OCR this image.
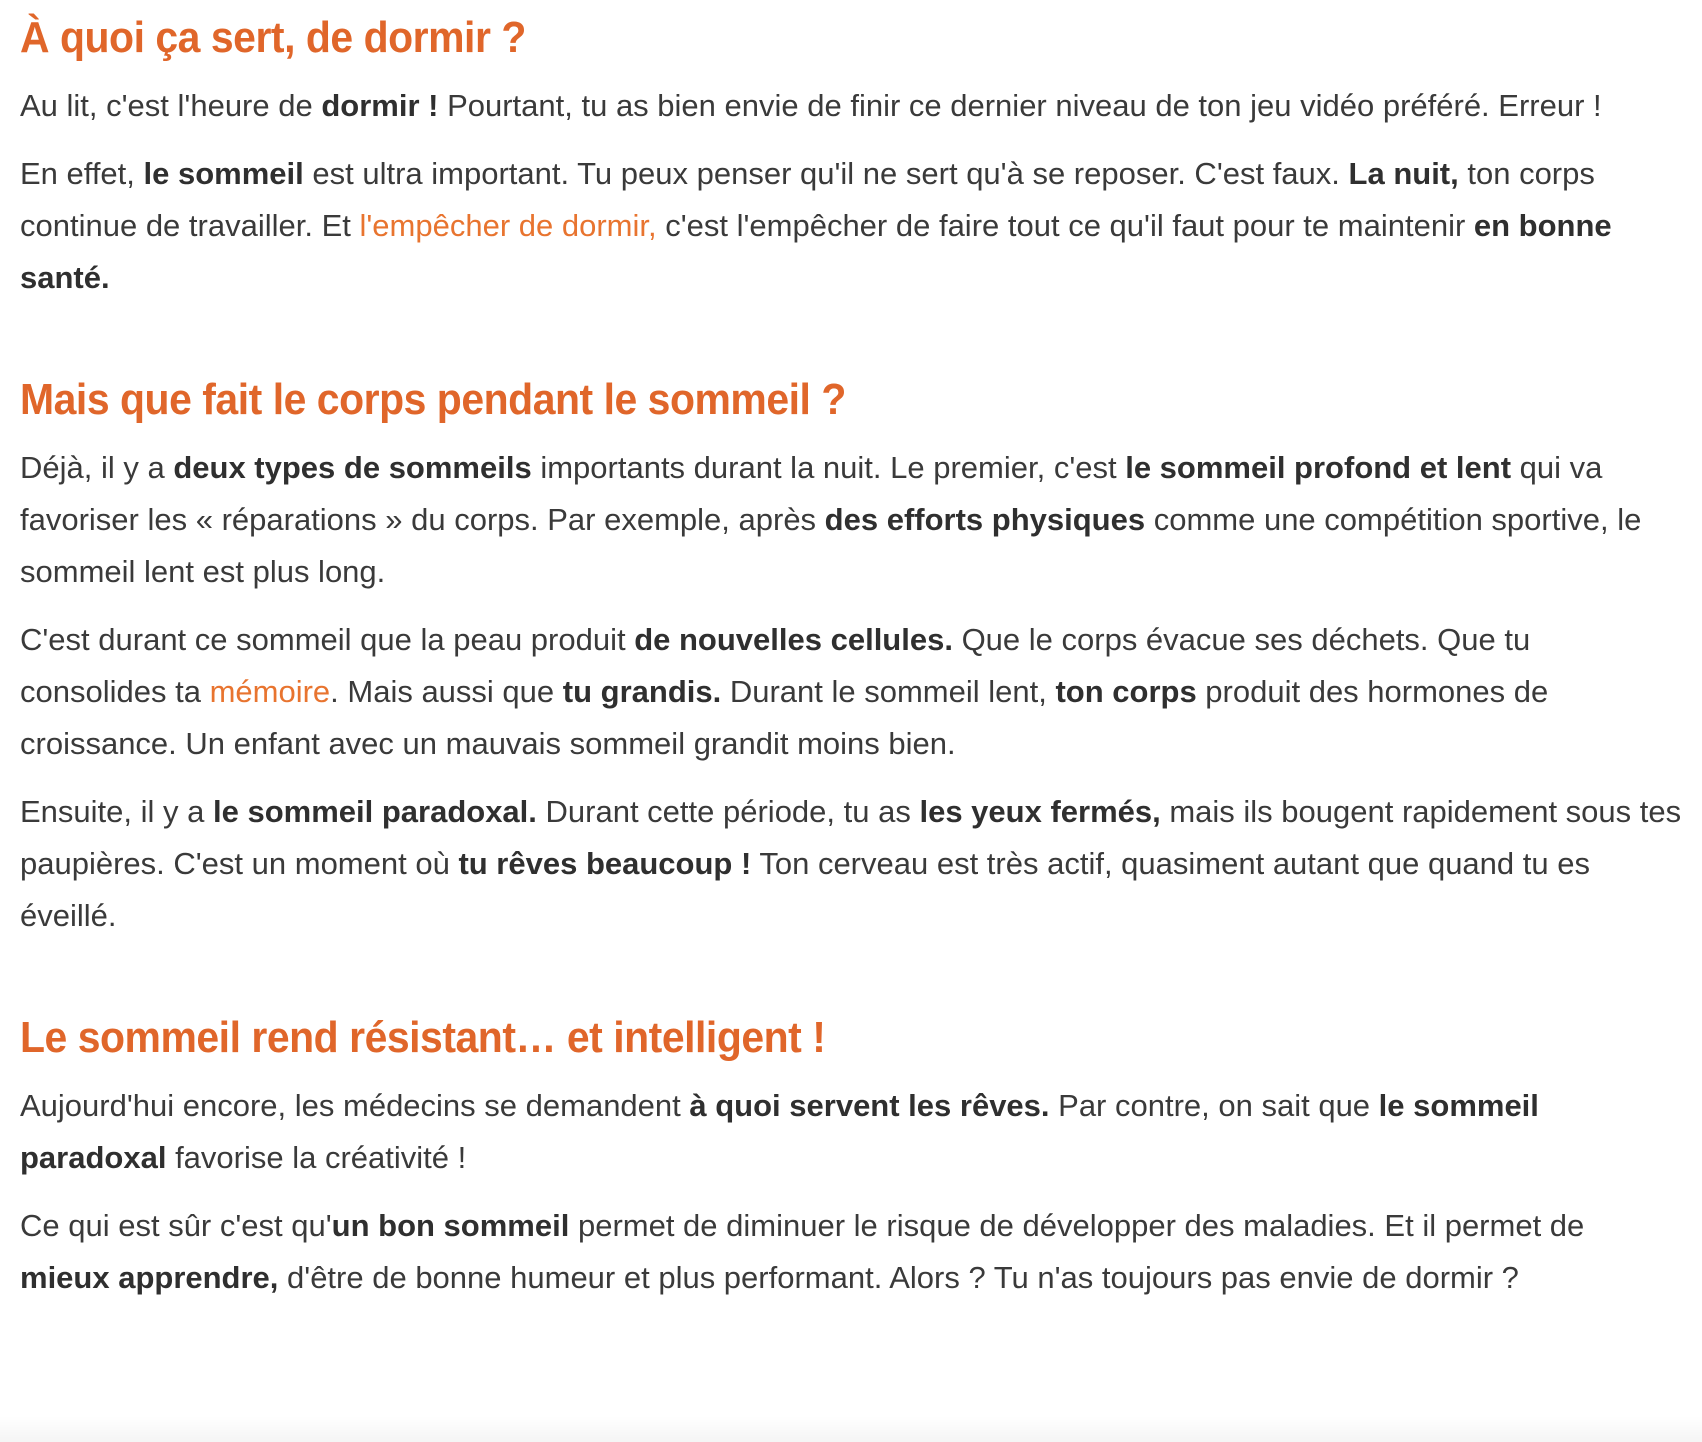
À quoi ça sert, de dormir ?

Au lit, c'est l'heure de dormir ! Pourtant, tu as bien envie de finir ce dernier niveau de ton jeu vidéo préféré. Erreur !

En effet, le sommeil est ultra important. Tu peux penser qu'il ne sert qu'à se reposer. C'est faux. La nuit, ton corps continue de travailler. Et l'empêcher de dormir, c'est l'empêcher de faire tout ce qu'il faut pour te maintenir en bonne santé.

Mais que fait le corps pendant le sommeil ?

Déjà, il y a deux types de sommeils importants durant la nuit. Le premier, c'est le sommeil profond et lent qui va favoriser les « réparations » du corps. Par exemple, après des efforts physiques comme une compétition sportive, le sommeil lent est plus long.

C'est durant ce sommeil que la peau produit de nouvelles cellules. Que le corps évacue ses déchets. Que tu consolides ta mémoire. Mais aussi que tu grandis. Durant le sommeil lent, ton corps produit des hormones de croissance. Un enfant avec un mauvais sommeil grandit moins bien.

Ensuite, il y a le sommeil paradoxal. Durant cette période, tu as les yeux fermés, mais ils bougent rapidement sous tes paupières. C'est un moment où tu rêves beaucoup ! Ton cerveau est très actif, quasiment autant que quand tu es éveillé.

Le sommeil rend résistant… et intelligent !

Aujourd'hui encore, les médecins se demandent à quoi servent les rêves. Par contre, on sait que le sommeil paradoxal favorise la créativité !

Ce qui est sûr c'est qu'un bon sommeil permet de diminuer le risque de développer des maladies. Et il permet de mieux apprendre, d'être de bonne humeur et plus performant. Alors ? Tu n'as toujours pas envie de dormir ?
